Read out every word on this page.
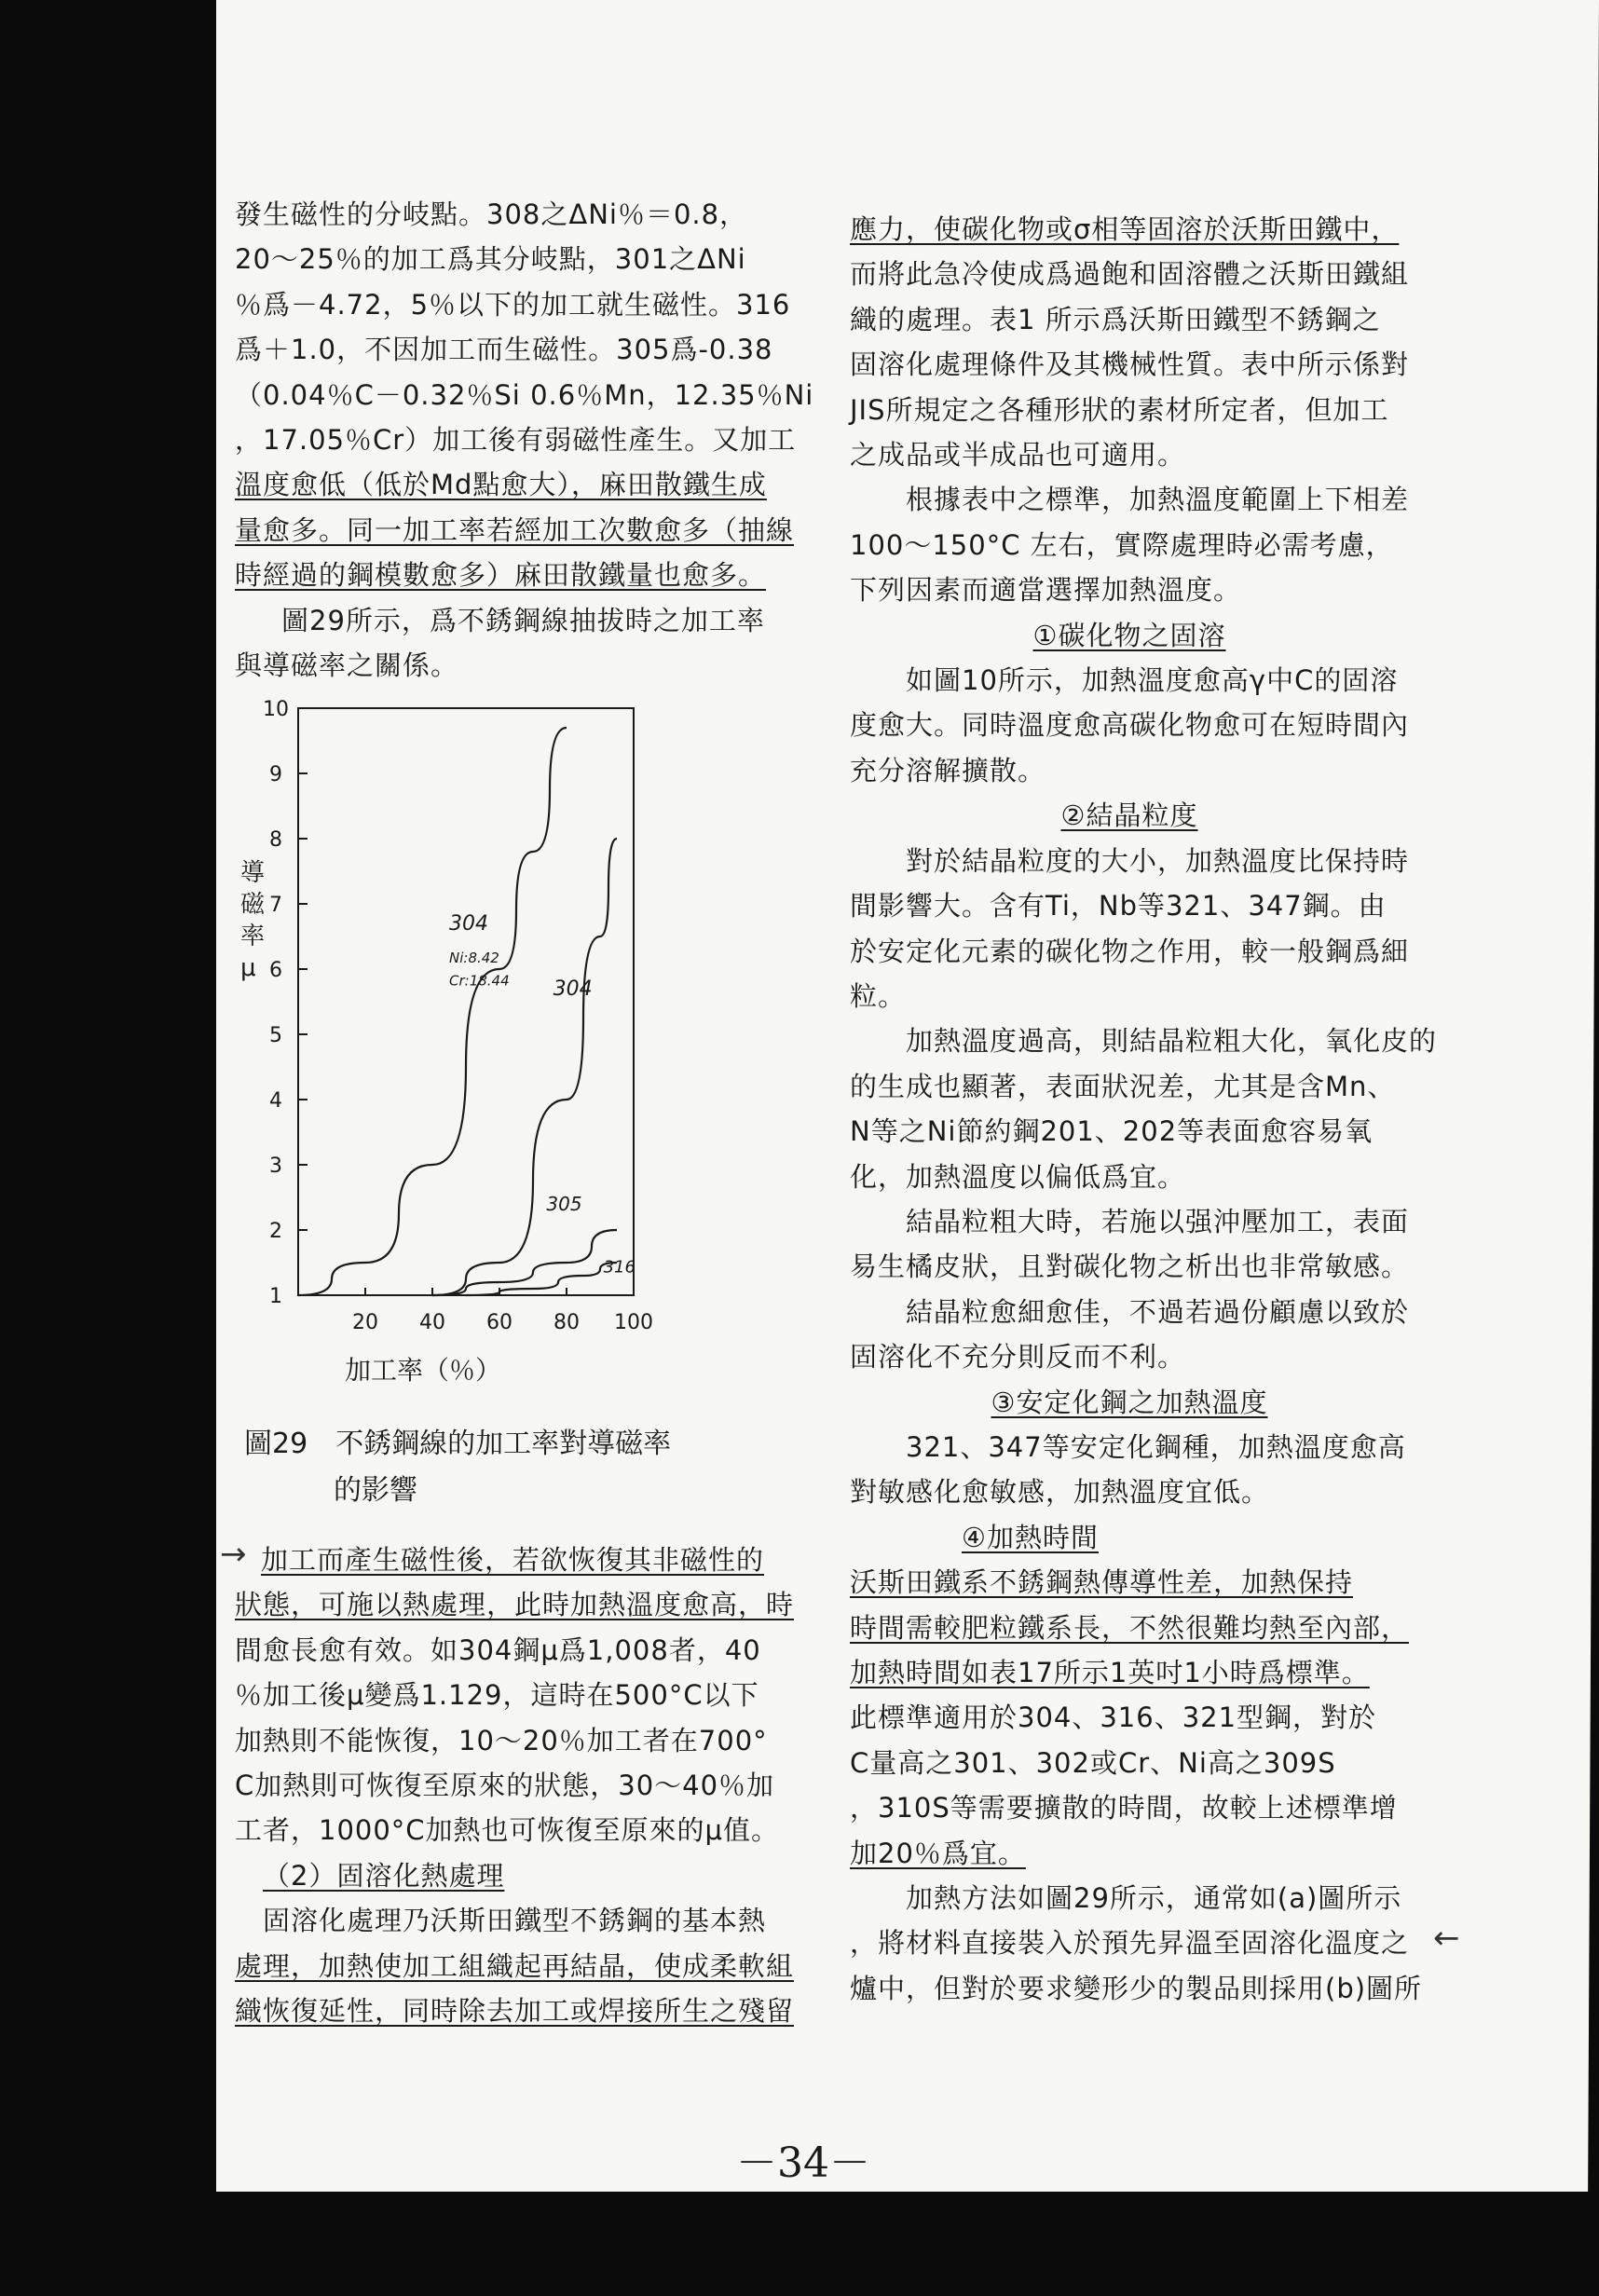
發生磁性的分岐點。308之ΔNi％＝0.8，

20～25％的加工爲其分岐點，301之ΔNi

％爲－4.72，5％以下的加工就生磁性。316

爲＋1.0，不因加工而生磁性。305爲-0.38

（0.04％C－0.32％Si 0.6％Mn，12.35％Ni

，17.05％Cr）加工後有弱磁性產生。又加工

溫度愈低（低於Md點愈大），麻田散鐵生成

量愈多。同一加工率若經加工次數愈多（抽線

時經過的鋼模數愈多）麻田散鐵量也愈多。

圖29所示，爲不銹鋼線抽拔時之加工率

與導磁率之關係。

1
2
3
4
5
6
7
8
9
10
20 40 60 80 100
304
Ni:8.42
Cr:18.44 304
305
316
導磁率 μ
加工率（％）
圖29 不銹鋼線的加工率對導磁率
的影響

加工而產生磁性後，若欲恢復其非磁性的

狀態，可施以熱處理，此時加熱溫度愈高，時

間愈長愈有效。如304鋼μ爲1,008者，40

％加工後μ變爲1.129，這時在500°C以下

加熱則不能恢復，10～20％加工者在700°

C加熱則可恢復至原來的狀態，30～40％加

工者，1000°C加熱也可恢復至原來的μ值。

（2）固溶化熱處理

固溶化處理乃沃斯田鐵型不銹鋼的基本熱

處理，加熱使加工組織起再結晶，使成柔軟組

織恢復延性，同時除去加工或焊接所生之殘留

應力，使碳化物或σ相等固溶於沃斯田鐵中，

而將此急冷使成爲過飽和固溶體之沃斯田鐵組

織的處理。表1 所示爲沃斯田鐵型不銹鋼之

固溶化處理條件及其機械性質。表中所示係對

JIS所規定之各種形狀的素材所定者，但加工

之成品或半成品也可適用。

根據表中之標準，加熱溫度範圍上下相差

100～150°C 左右，實際處理時必需考慮，

下列因素而適當選擇加熱溫度。

①碳化物之固溶

如圖10所示，加熱溫度愈高γ中C的固溶

度愈大。同時溫度愈高碳化物愈可在短時間內

充分溶解擴散。

②結晶粒度

對於結晶粒度的大小，加熱溫度比保持時

間影響大。含有Ti，Nb等321、347鋼。由

於安定化元素的碳化物之作用，較一般鋼爲細

粒。

加熱溫度過高，則結晶粒粗大化，氧化皮的

的生成也顯著，表面狀況差，尤其是含Mn、

N等之Ni節約鋼201、202等表面愈容易氧

化，加熱溫度以偏低爲宜。

結晶粒粗大時，若施以强沖壓加工，表面

易生橘皮狀，且對碳化物之析出也非常敏感。

結晶粒愈細愈佳，不過若過份顧慮以致於

固溶化不充分則反而不利。

③安定化鋼之加熱溫度

321、347等安定化鋼種，加熱溫度愈高

對敏感化愈敏感，加熱溫度宜低。

④加熱時間

沃斯田鐵系不銹鋼熱傳導性差，加熱保持

時間需較肥粒鐵系長，不然很難均熱至內部，

加熱時間如表17所示1英吋1小時爲標準。

此標準適用於304、316、321型鋼，對於

C量高之301、302或Cr、Ni高之309S

，310S等需要擴散的時間，故較上述標準增

加20％爲宜。

加熱方法如圖29所示，通常如(a)圖所示

，將材料直接裝入於預先昇溫至固溶化溫度之

爐中，但對於要求變形少的製品則採用(b)圖所

→
←
－34－
